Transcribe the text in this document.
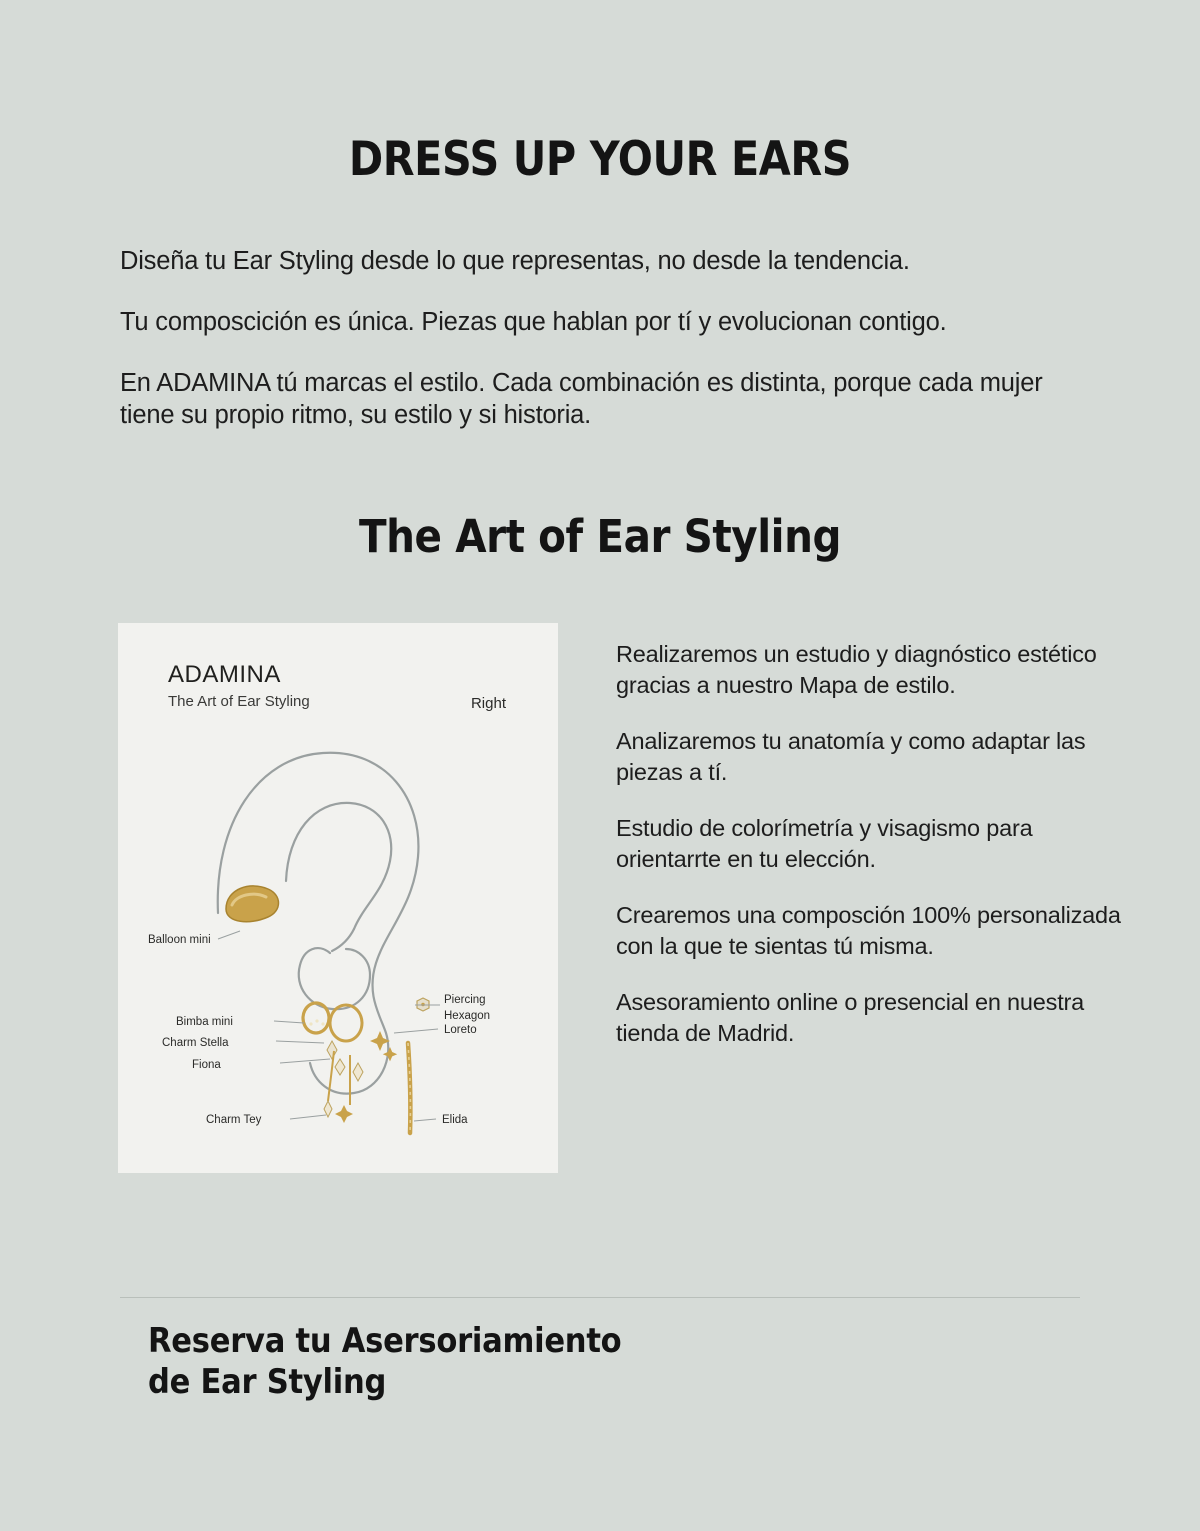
DRESS UP YOUR EARS

Diseña tu Ear Styling desde lo que representas, no desde la tendencia.

Tu composcición es única. Piezas que hablan por tí y evolucionan contigo.

En ADAMINA tú marcas el estilo. Cada combinación es distinta, porque cada mujer tiene su propio ritmo, su estilo y si historia.

The Art of Ear Styling
ADAMINA
The Art of Ear Styling	Right
Balloon mini
Piercing
Hexagon
Bimba mini
Charm Stella
Fiona
Loreto
Charm Tey	Elida

Realizaremos un estudio y diagnóstico estético gracias a nuestro Mapa de estilo.

Analizaremos tu anatomía y como adaptar las piezas a tí.

Estudio de colorímetría y visagismo para orientarrte en tu elección.

Crearemos una composción 100% personalizada con la que te sientas tú misma.

Asesoramiento online o presencial en nuestra tienda de Madrid.

Reserva tu Asersoriamiento
de Ear Styling
